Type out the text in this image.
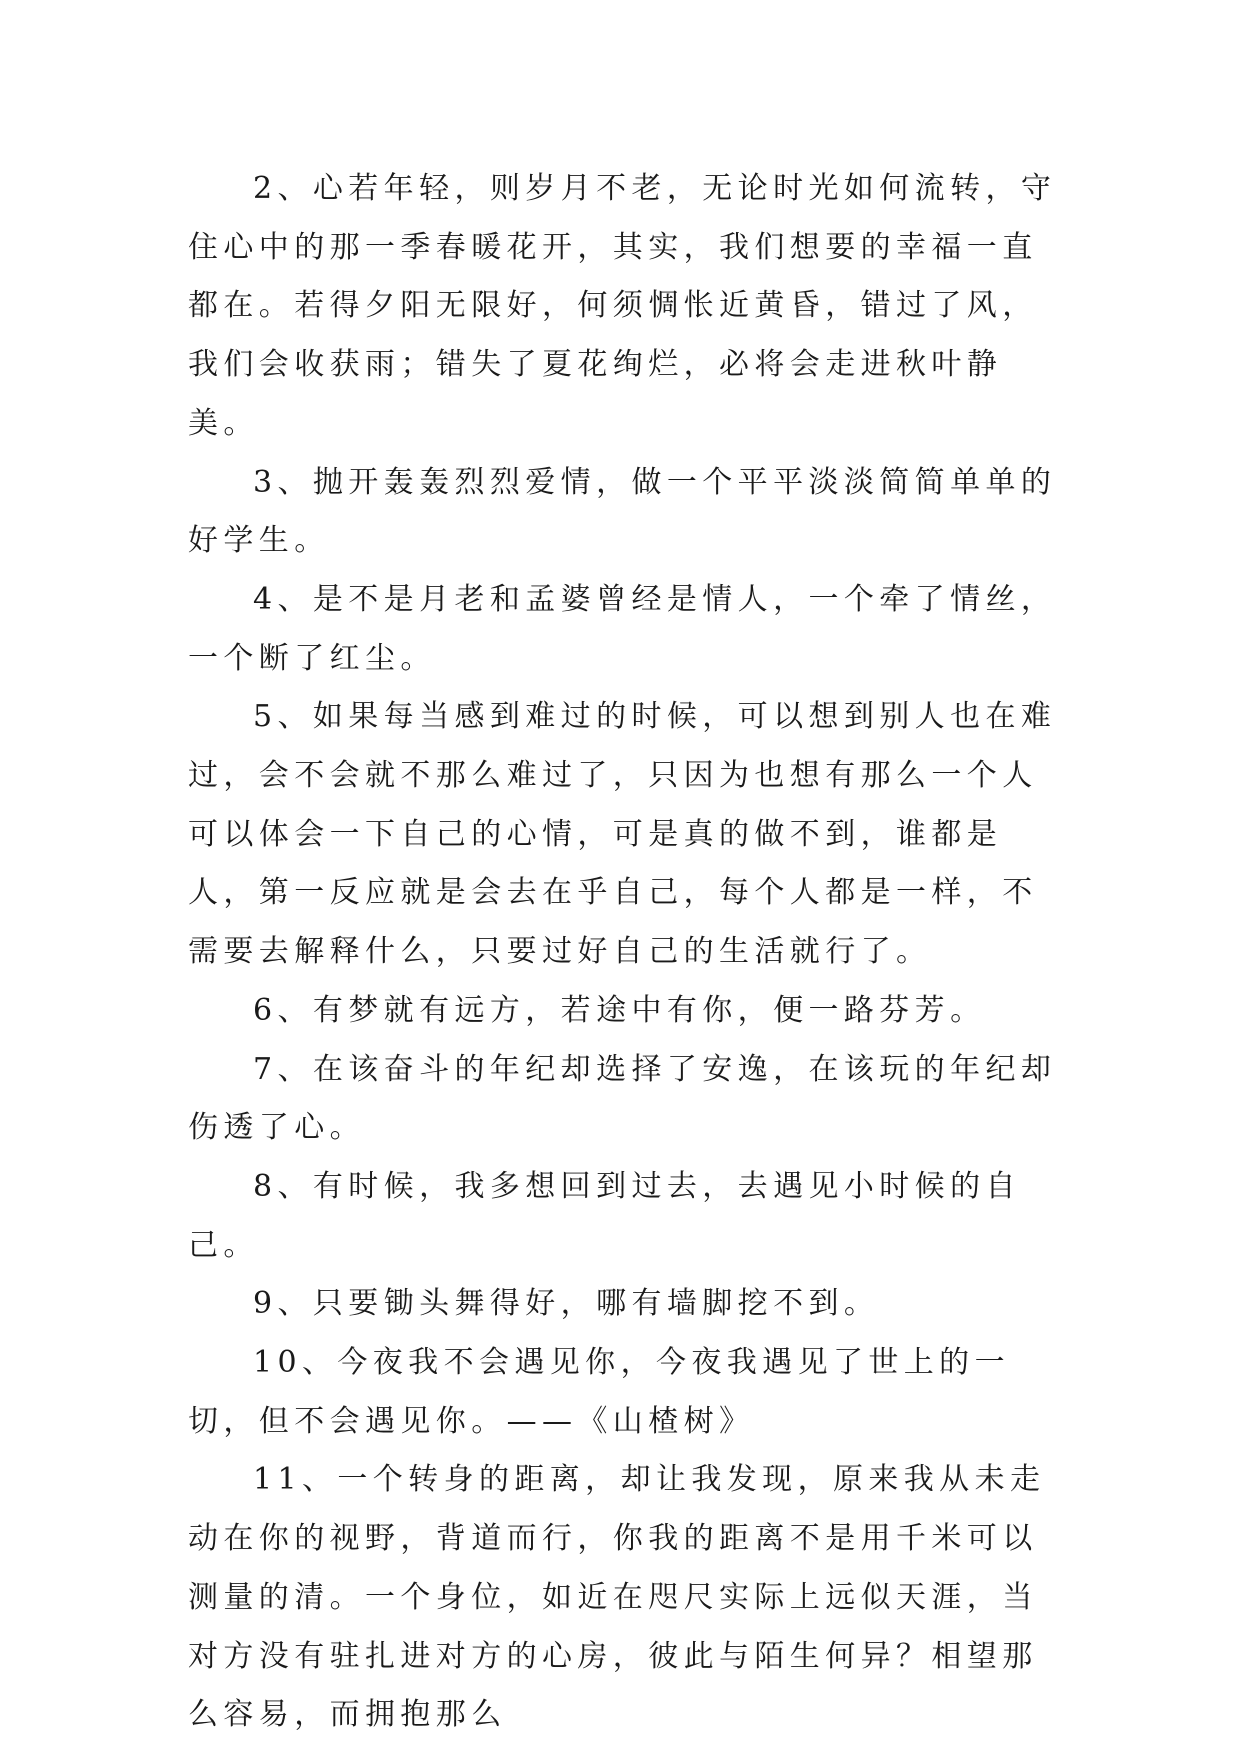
2、心若年轻，则岁月不老，无论时光如何流转，守住心中的那一季春暖花开，其实，我们想要的幸福一直都在。若得夕阳无限好，何须惆怅近黄昏，错过了风，我们会收获雨；错失了夏花绚烂，必将会走进秋叶静美。

3、抛开轰轰烈烈爱情，做一个平平淡淡简简单单的好学生。

4、是不是月老和孟婆曾经是情人，一个牵了情丝，一个断了红尘。

5、如果每当感到难过的时候，可以想到别人也在难过，会不会就不那么难过了，只因为也想有那么一个人可以体会一下自己的心情，可是真的做不到，谁都是人，第一反应就是会去在乎自己，每个人都是一样，不需要去解释什么，只要过好自己的生活就行了。

6、有梦就有远方，若途中有你，便一路芬芳。

7、在该奋斗的年纪却选择了安逸，在该玩的年纪却伤透了心。

8、有时候，我多想回到过去，去遇见小时候的自己。

9、只要锄头舞得好，哪有墙脚挖不到。

10、今夜我不会遇见你，今夜我遇见了世上的一切，但不会遇见你。——《山楂树》

11、一个转身的距离，却让我发现，原来我从未走动在你的视野，背道而行，你我的距离不是用千米可以测量的清。一个身位，如近在咫尺实际上远似天涯，当对方没有驻扎进对方的心房，彼此与陌生何异？相望那么容易，而拥抱那么
